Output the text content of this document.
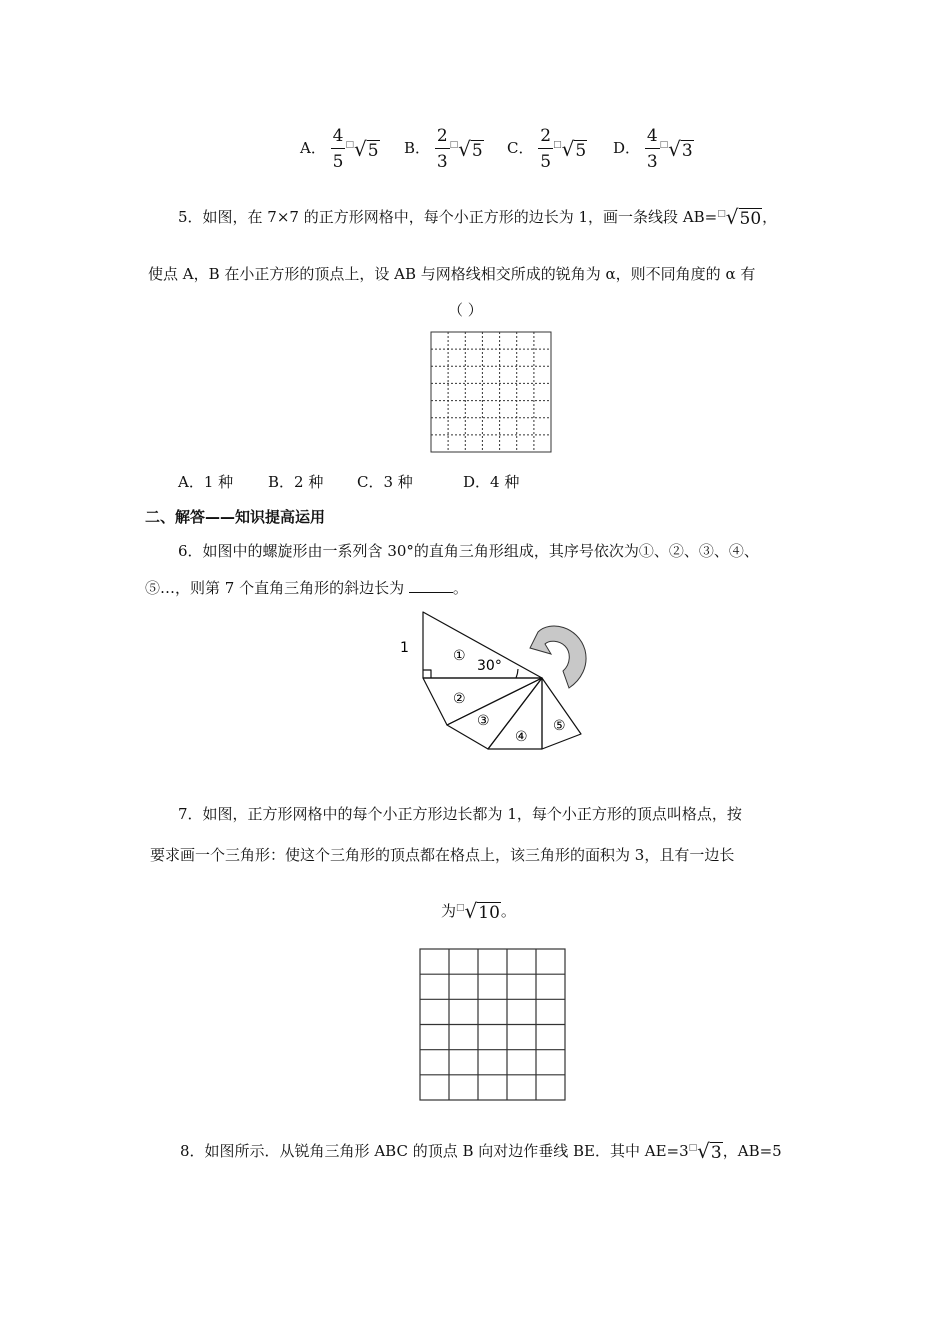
A． $\frac{4}{5} ^□√5$ B． $\frac{2}{3} ^□√5$ C． $\frac{2}{5} ^□√5$ D． $\frac{4}{3} ^□√3$
5．如图，在 7×7 的正方形网格中，每个小正方形的边长为 1，画一条线段 AB=□√50，
使点 A，B 在小正方形的顶点上，设 AB 与网格线相交所成的锐角为 α，则不同角度的 α 有
（ ）
A．1 种 B．2 种 C．3 种	D．4 种
二、解答——知识提高运用
6．如图中的螺旋形由一系列含 30°的直角三角形组成，其序号依次为①、②、③、④、
⑤…，则第 7 个直角三角形的斜边长为	。
1
30°
①
②
③
④
⑤
7．如图，正方形网格中的每个小正方形边长都为 1，每个小正方形的顶点叫格点，按
要求画一个三角形：使这个三角形的顶点都在格点上，该三角形的面积为 3，且有一边长
为□√10。
8．如图所示．从锐角三角形 ABC 的顶点 B 向对边作垂线 BE．其中 AE=3□√3，AB=5
